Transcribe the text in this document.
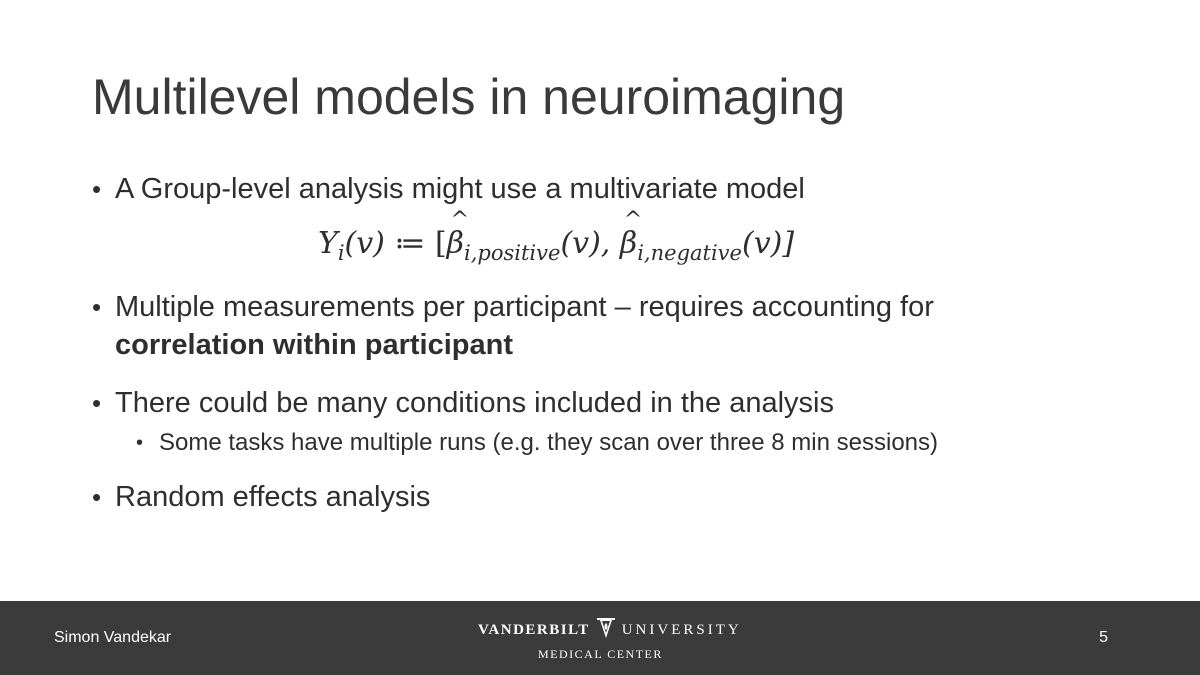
Multilevel models in neuroimaging
• A Group-level analysis might use a multivariate model
$Y_i(v)$ ≔ [^ $\beta_{i,positive}(v)$, ^ $\beta_{i,negative}(v)$]
• Multiple measurements per participant – requires accounting for
correlation within participant
• There could be many conditions included in the analysis
• Some tasks have multiple runs (e.g. they scan over three 8 min sessions)
• Random effects analysis
Simon Vandekar	VANDERBILT UNIVERSITY
MEDICAL CENTER
5
